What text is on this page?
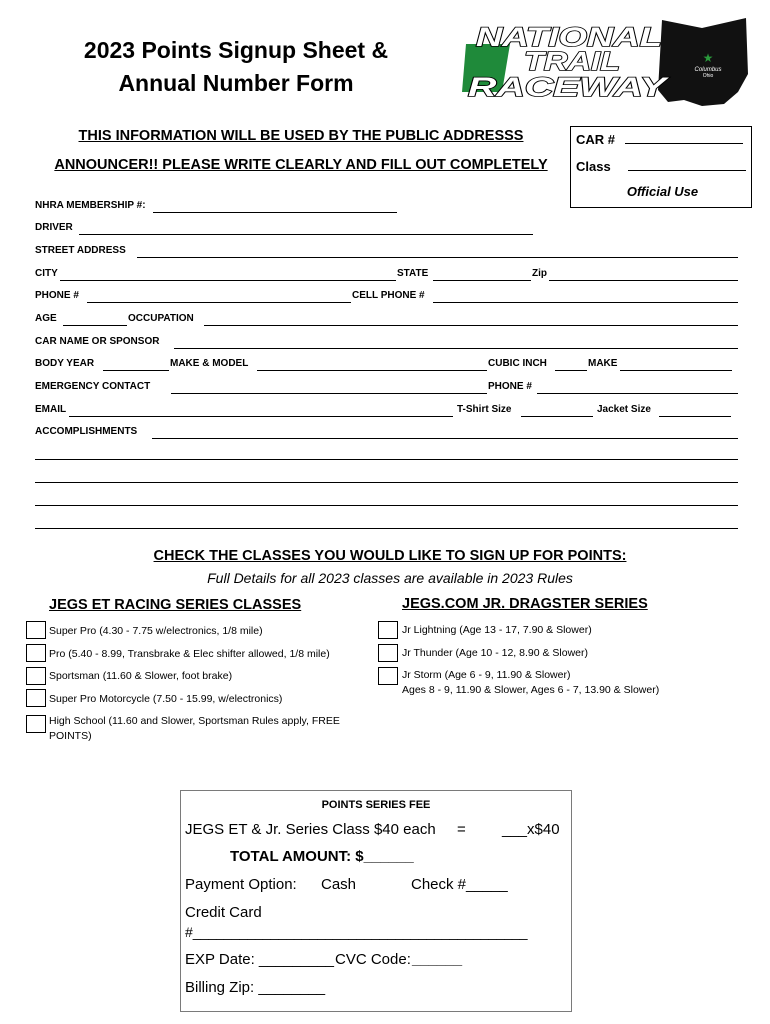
2023 Points Signup Sheet &
Annual Number Form
★
Columbus
Ohio
NATIONAL
TRAIL
RACEWAY
THIS INFORMATION WILL BE USED BY THE PUBLIC ADDRESSS
ANNOUNCER!! PLEASE WRITE CLEARLY AND FILL OUT COMPLETELY
CAR #
Class
Official Use
NHRA MEMBERSHIP #:
DRIVER
STREET ADDRESS
CITY	STATE	Zip
PHONE #	CELL PHONE #
AGE	OCCUPATION
CAR NAME OR SPONSOR
BODY YEAR	MAKE & MODEL	CUBIC INCH	MAKE
EMERGENCY CONTACT	PHONE #
EMAIL	T-Shirt Size	Jacket Size
ACCOMPLISHMENTS
CHECK THE CLASSES YOU WOULD LIKE TO SIGN UP FOR POINTS:
Full Details for all 2023 classes are available in 2023 Rules
JEGS ET RACING SERIES CLASSES	JEGS.COM JR. DRAGSTER SERIES
Super Pro (4.30 - 7.75 w/electronics, 1/8 mile)
Pro (5.40 - 8.99, Transbrake & Elec shifter allowed, 1/8 mile)
Sportsman (11.60 & Slower, foot brake)
Super Pro Motorcycle (7.50 - 15.99, w/electronics)
High School (11.60 and Slower, Sportsman Rules apply, FREE
POINTS)
Jr Lightning (Age 13 - 17, 7.90 & Slower)
Jr Thunder (Age 10 - 12, 8.90 & Slower)
Jr Storm (Age 6 - 9, 11.90 & Slower)
Ages 8 - 9, 11.90 & Slower, Ages 6 - 7, 13.90 & Slower)
POINTS SERIES FEE
JEGS ET & Jr. Series Class $40 each = ___x$40
TOTAL AMOUNT: $______
Payment Option: Cash	Check #_____
Credit Card
#___________________________________________
EXP Date: _________ CVC Code: ______
Billing Zip: ________
